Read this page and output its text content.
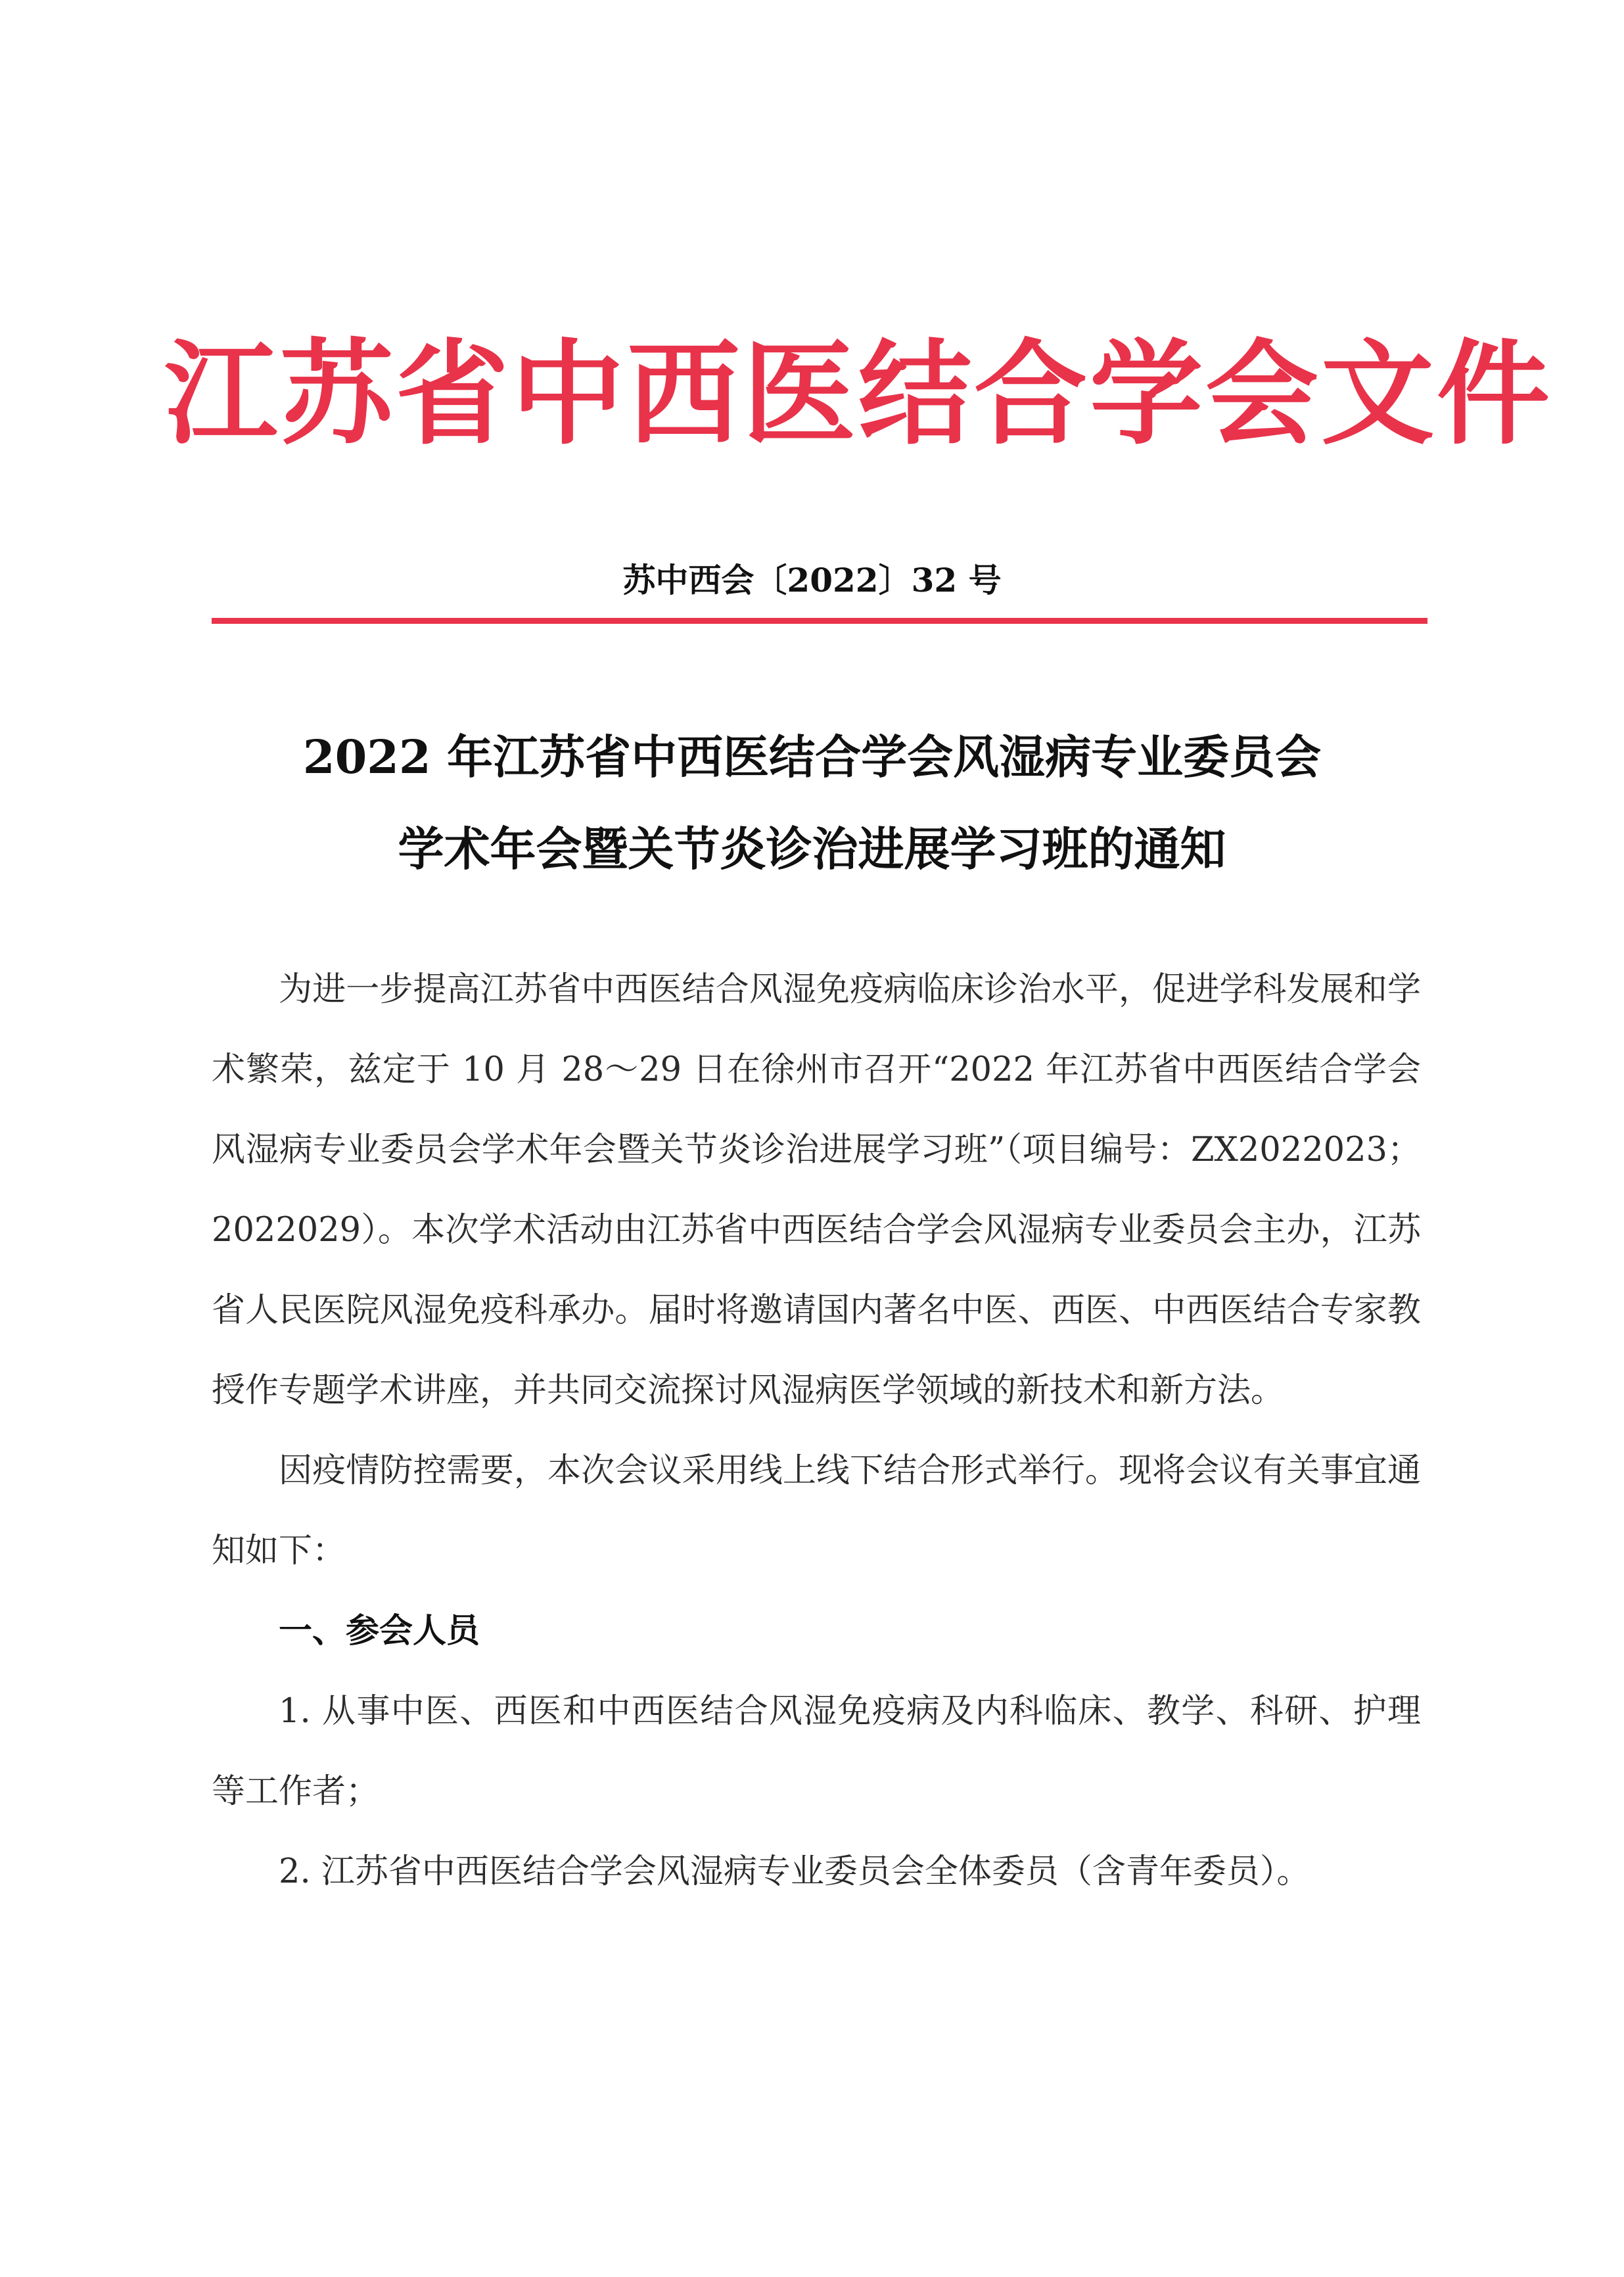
江苏省中西医结合学会文件
苏中西会〔2022〕32 号
2022 年江苏省中西医结合学会风湿病专业委员会
学术年会暨关节炎诊治进展学习班的通知

为进一步提高江苏省中西医结合风湿免疫病临床诊治水平，促进学科发展和学术繁荣，兹定于 10 月 28～29 日在徐州市召开“2022 年江苏省中西医结合学会风湿病专业委员会学术年会暨关节炎诊治进展学习班”（项目编号：ZX2022023；2022029）。本次学术活动由江苏省中西医结合学会风湿病专业委员会主办，江苏省人民医院风湿免疫科承办。届时将邀请国内著名中医、西医、中西医结合专家教授作专题学术讲座，并共同交流探讨风湿病医学领域的新技术和新方法。

因疫情防控需要，本次会议采用线上线下结合形式举行。现将会议有关事宜通知如下：

一、参会人员

1. 从事中医、西医和中西医结合风湿免疫病及内科临床、教学、科研、护理等工作者；

2. 江苏省中西医结合学会风湿病专业委员会全体委员（含青年委员）。
